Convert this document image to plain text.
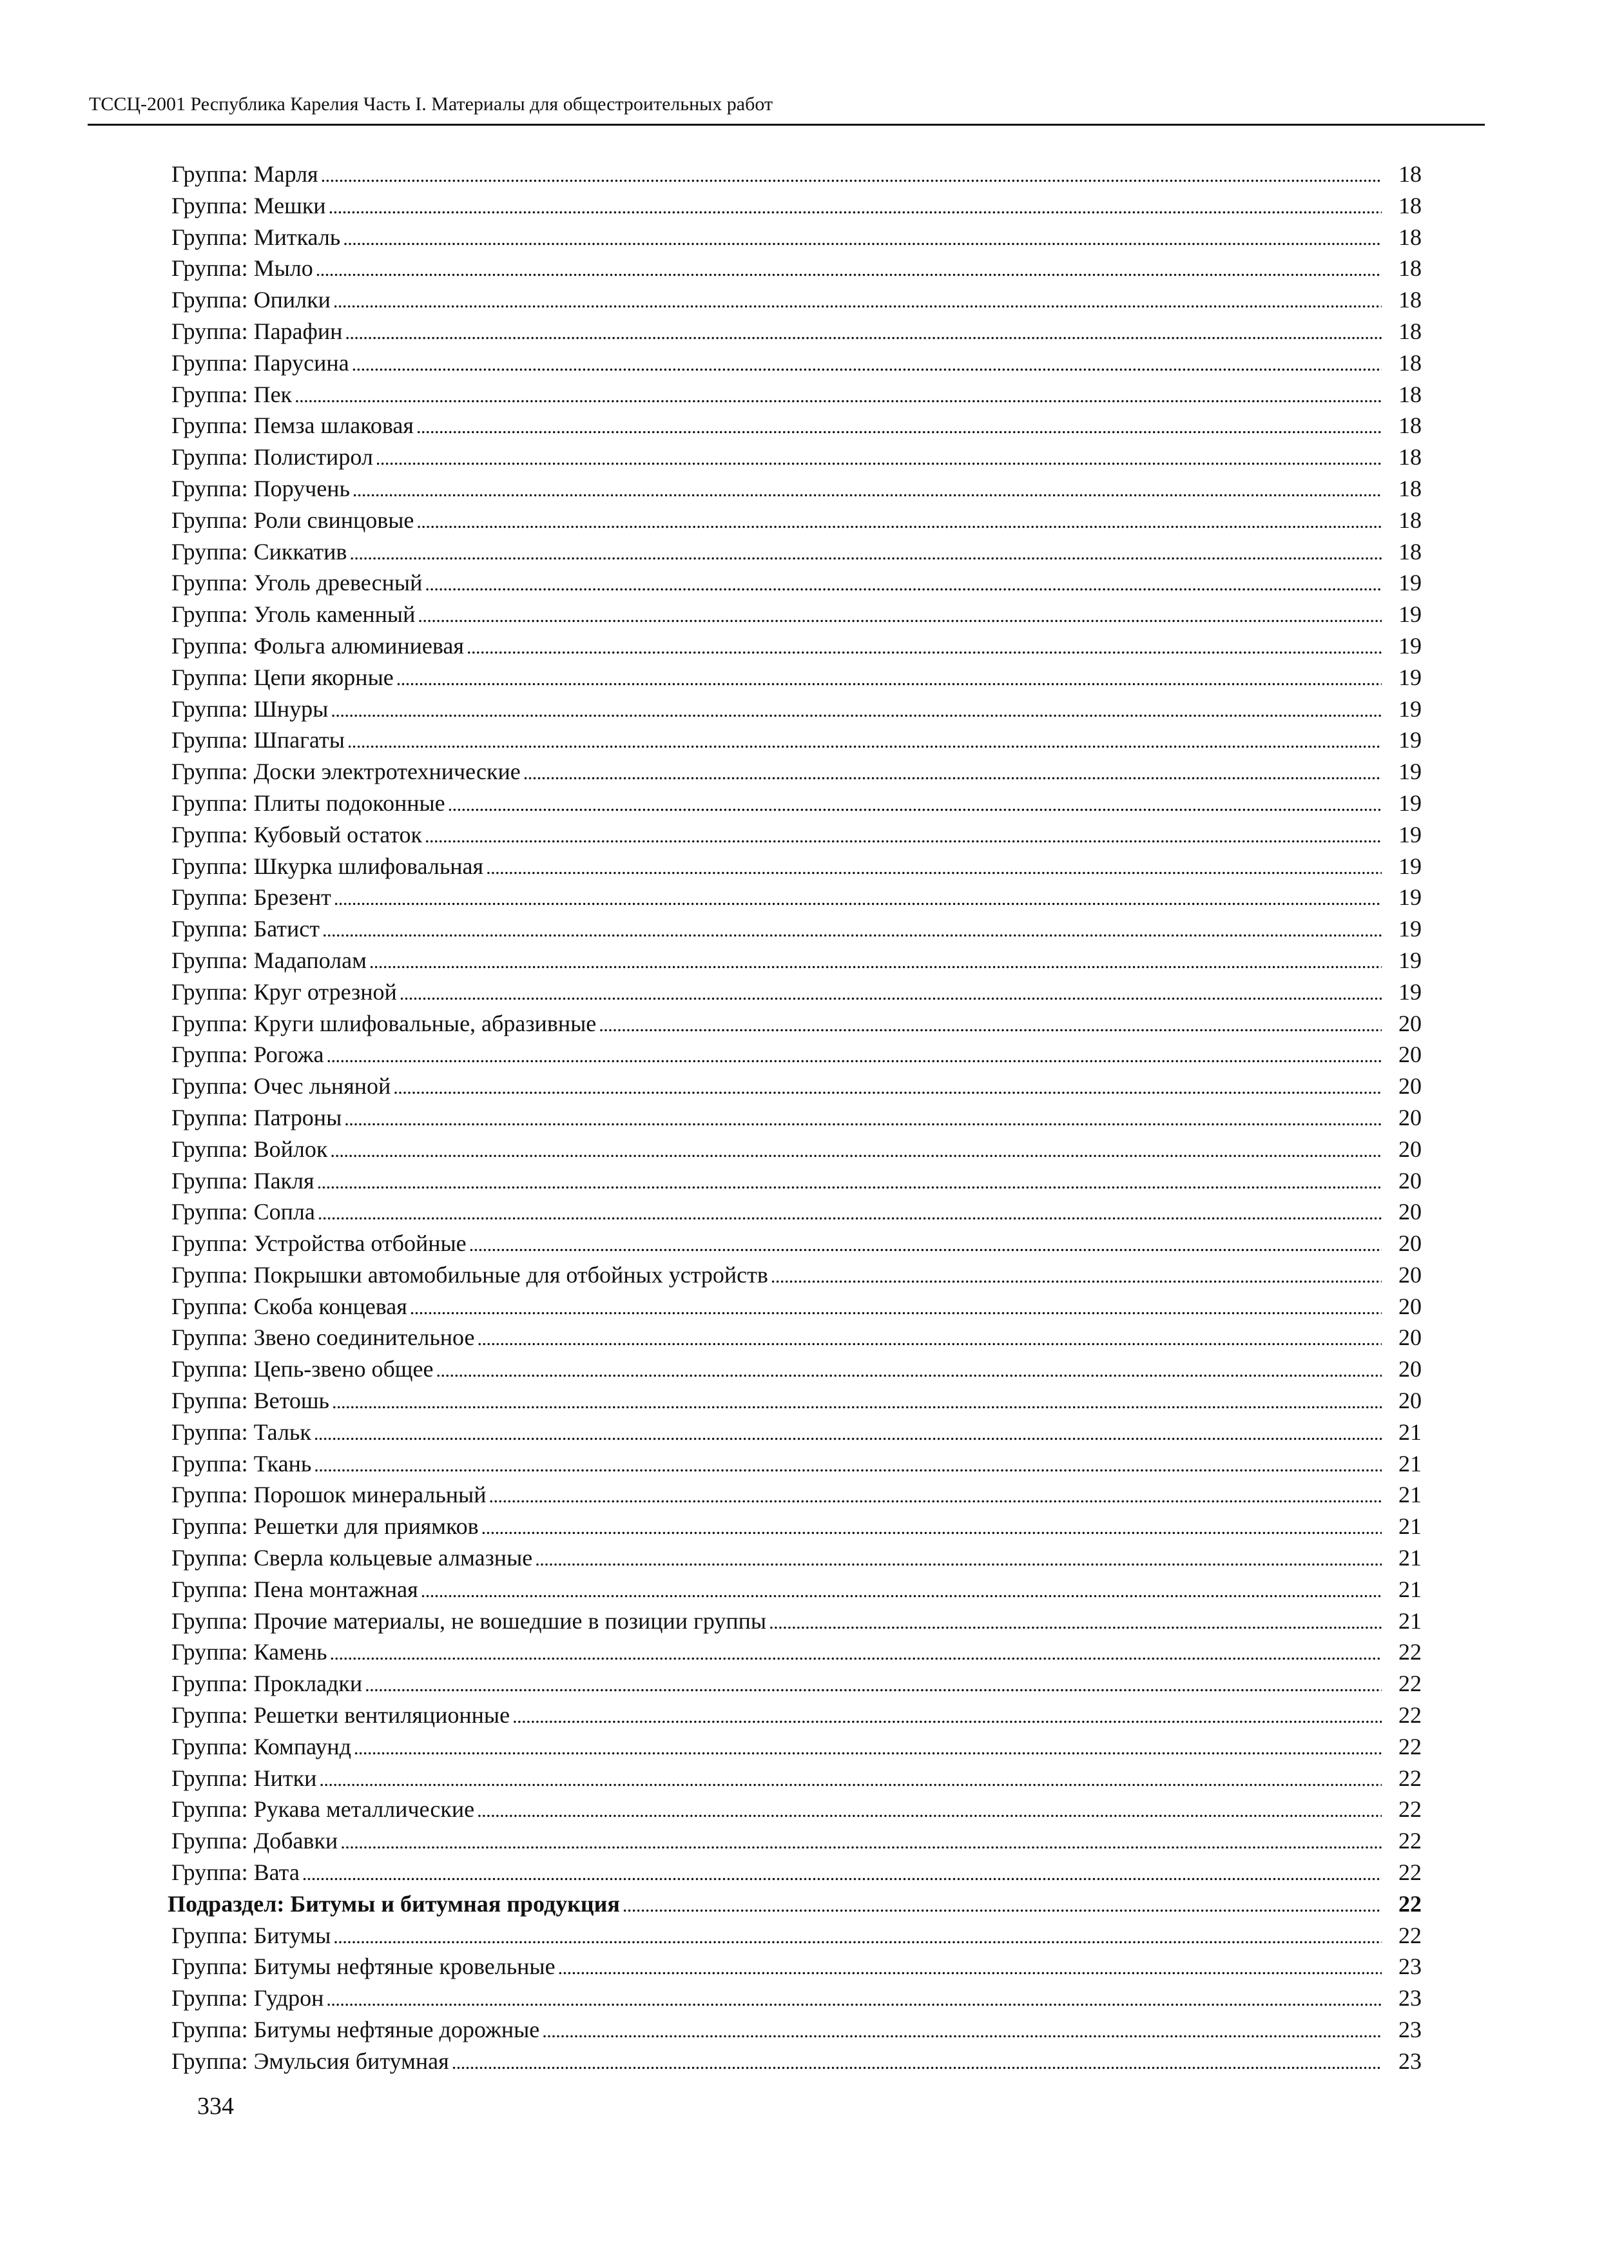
ТССЦ-2001 Республика Карелия Часть I. Материалы для общестроительных работ
Группа: Марля . . .	18
Группа: Мешки . . .	18
Группа: Миткаль . . .	18
Группа: Мыло . . .	18
Группа: Опилки . . .	18
Группа: Парафин . . .	18
Группа: Парусина . . .	18
Группа: Пек . . .	18
Группа: Пемза шлаковая . . .	18
Группа: Полистирол . . .	18
Группа: Поручень . . .	18
Группа: Роли свинцовые . . .	18
Группа: Сиккатив . . .	18
Группа: Уголь древесный . . .	19
Группа: Уголь каменный . . .	19
Группа: Фольга алюминиевая . . .	19
Группа: Цепи якорные . . .	19
Группа: Шнуры . . .	19
Группа: Шпагаты . . .	19
Группа: Доски электротехнические . . .	19
Группа: Плиты подоконные . . .	19
Группа: Кубовый остаток . . .	19
Группа: Шкурка шлифовальная . . .	19
Группа: Брезент . . .	19
Группа: Батист . . .	19
Группа: Мадаполам . . .	19
Группа: Круг отрезной . . .	19
Группа: Круги шлифовальные, абразивные . . .	20
Группа: Рогожа . . .	20
Группа: Очес льняной . . .	20
Группа: Патроны . . .	20
Группа: Войлок . . .	20
Группа: Пакля . . .	20
Группа: Сопла . . .	20
Группа: Устройства отбойные . . .	20
Группа: Покрышки автомобильные для отбойных устройств . . .	20
Группа: Скоба концевая . . .	20
Группа: Звено соединительное . . .	20
Группа: Цепь-звено общее . . .	20
Группа: Ветошь . . .	20
Группа: Тальк . . .	21
Группа: Ткань . . .	21
Группа: Порошок минеральный . . .	21
Группа: Решетки для приямков . . .	21
Группа: Сверла кольцевые алмазные . . .	21
Группа: Пена монтажная . . .	21
Группа: Прочие материалы, не вошедшие в позиции группы . . .	21
Группа: Камень . . .	22
Группа: Прокладки . . .	22
Группа: Решетки вентиляционные . . .	22
Группа: Компаунд . . .	22
Группа: Нитки . . .	22
Группа: Рукава металлические . . .	22
Группа: Добавки . . .	22
Группа: Вата . . .	22
Подраздел: Битумы и битумная продукция . . .	22
Группа: Битумы . . .	22
Группа: Битумы нефтяные кровельные . . .	23
Группа: Гудрон . . .	23
Группа: Битумы нефтяные дорожные . . .	23
Группа: Эмульсия битумная . . .	23
334
